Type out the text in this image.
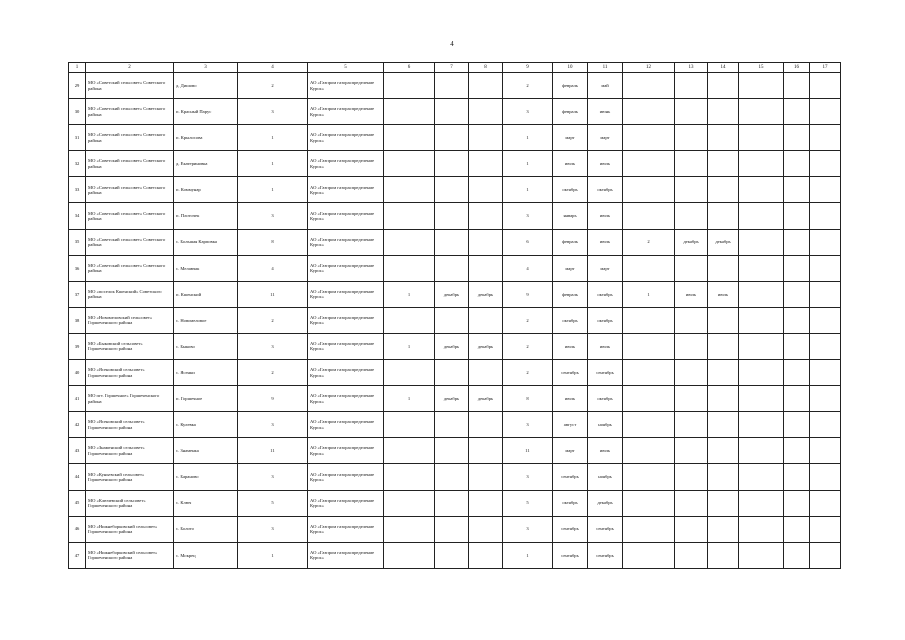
4
1	2	3	4	5	6	7	8	9	10	11	12	13	14	15	16	17
29	МО «Советский сельсовет» Советского района	д. Дишово	2	АО «Газпром газораспределение Курск»				2	февраль	май						
30	МО «Советский сельсовет» Советского района	п. Красный Парус	3	АО «Газпром газораспределение Курск»				3	февраль	июнь						
31	МО «Советский сельсовет» Советского района	п. Крылосова	1	АО «Газпром газораспределение Курск»				1	март	март						
32	МО «Советский сельсовет» Советского района	д. Екатериновка	1	АО «Газпром газораспределение Курск»				1	июль	июль						
33	МО «Советский сельсовет» Советского района	п. Коммунар	1	АО «Газпром газораспределение Курск»				1	октябрь	октябрь						
34	МО «Советский сельсовет» Советского района	п. Плоточек	3	АО «Газпром газораспределение Курск»				3	январь	июль						
35	МО «Советский сельсовет» Советского района	с. Большая Карповка	8	АО «Газпром газораспределение Курск»				6	февраль	июль	2	декабрь	декабрь			
36	МО «Советский сельсовет» Советского района	с. Мелавчак	4	АО «Газпром газораспределение Курск»				4	март	март						
37	МО «поселок Кшенский» Советского района	п. Кшенский	11	АО «Газпром газораспределение Курск»	1	декабрь	декабрь	9	февраль	октябрь	1	июль	июль			
38	МО «Новомеловский сельсовет» Горшеченского района	с. Новомеловое	2	АО «Газпром газораспределение Курск»				2	октябрь	октябрь						
39	МО «Быковский сельсовет» Горшеченского района	с. Быково	3	АО «Газпром газораспределение Курск»	1	декабрь	декабрь	2	июль	июль						
40	МО «Ясеновский сельсовет» Горшеченского района	с. Ясенки	2	АО «Газпром газораспределение Курск»				2	сентябрь	сентябрь						
41	МО пгт. Горшечное» Горшеченского района	п. Горшечное	9	АО «Газпром газораспределение Курск»	1	декабрь	декабрь	8	июль	октябрь						
42	МО «Ясеновский сельсовет» Горшеченского района	с. Кулевка	3	АО «Газпром газораспределение Курск»				3	август	ноябрь						
43	МО «Знаменский сельсовет» Горшеченского района	с. Знаменка	11	АО «Газпром газораспределение Курск»				11	март	июль						
44	МО «Куньевский сельсовет» Горшеченского района	с. Бараново	3	АО «Газпром газораспределение Курск»				3	сентябрь	ноябрь						
45	МО «Ключевский сельсовет» Горшеченского района	с. Ключ	5	АО «Газпром газораспределение Курск»				5	октябрь	декабрь						
46	МО «Нижнеборковский сельсовет» Горшеченского района	с. Болото	3	АО «Газпром газораспределение Курск»				3	сентябрь	сентябрь						
47	МО «Нижнеборковский сельсовет» Горшеченского района	с. Мокрец	1	АО «Газпром газораспределение Курск»				1	сентябрь	сентябрь						
